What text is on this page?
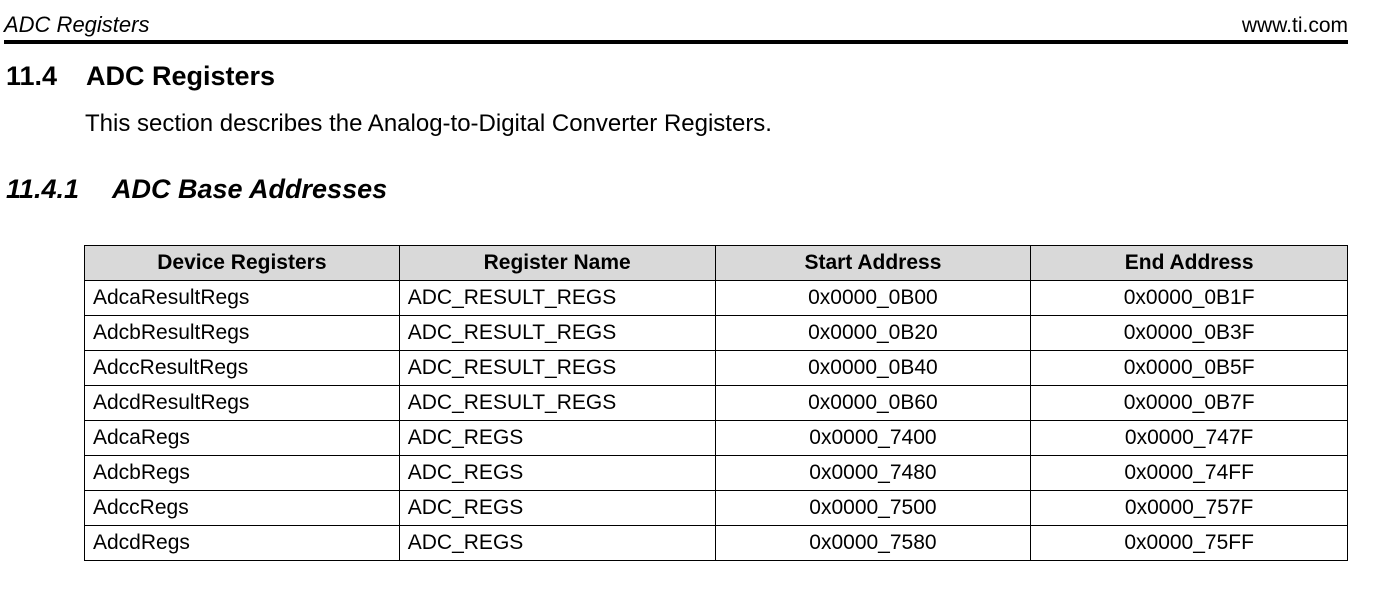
ADC Registers	www.ti.com
11.4 ADC Registers
This section describes the Analog-to-Digital Converter Registers.
11.4.1 ADC Base Addresses
Device Registers	Register Name	Start Address	End Address
AdcaResultRegs	ADC_RESULT_REGS	0x0000_0B00	0x0000_0B1F
AdcbResultRegs	ADC_RESULT_REGS	0x0000_0B20	0x0000_0B3F
AdccResultRegs	ADC_RESULT_REGS	0x0000_0B40	0x0000_0B5F
AdcdResultRegs	ADC_RESULT_REGS	0x0000_0B60	0x0000_0B7F
AdcaRegs	ADC_REGS	0x0000_7400	0x0000_747F
AdcbRegs	ADC_REGS	0x0000_7480	0x0000_74FF
AdccRegs	ADC_REGS	0x0000_7500	0x0000_757F
AdcdRegs	ADC_REGS	0x0000_7580	0x0000_75FF
